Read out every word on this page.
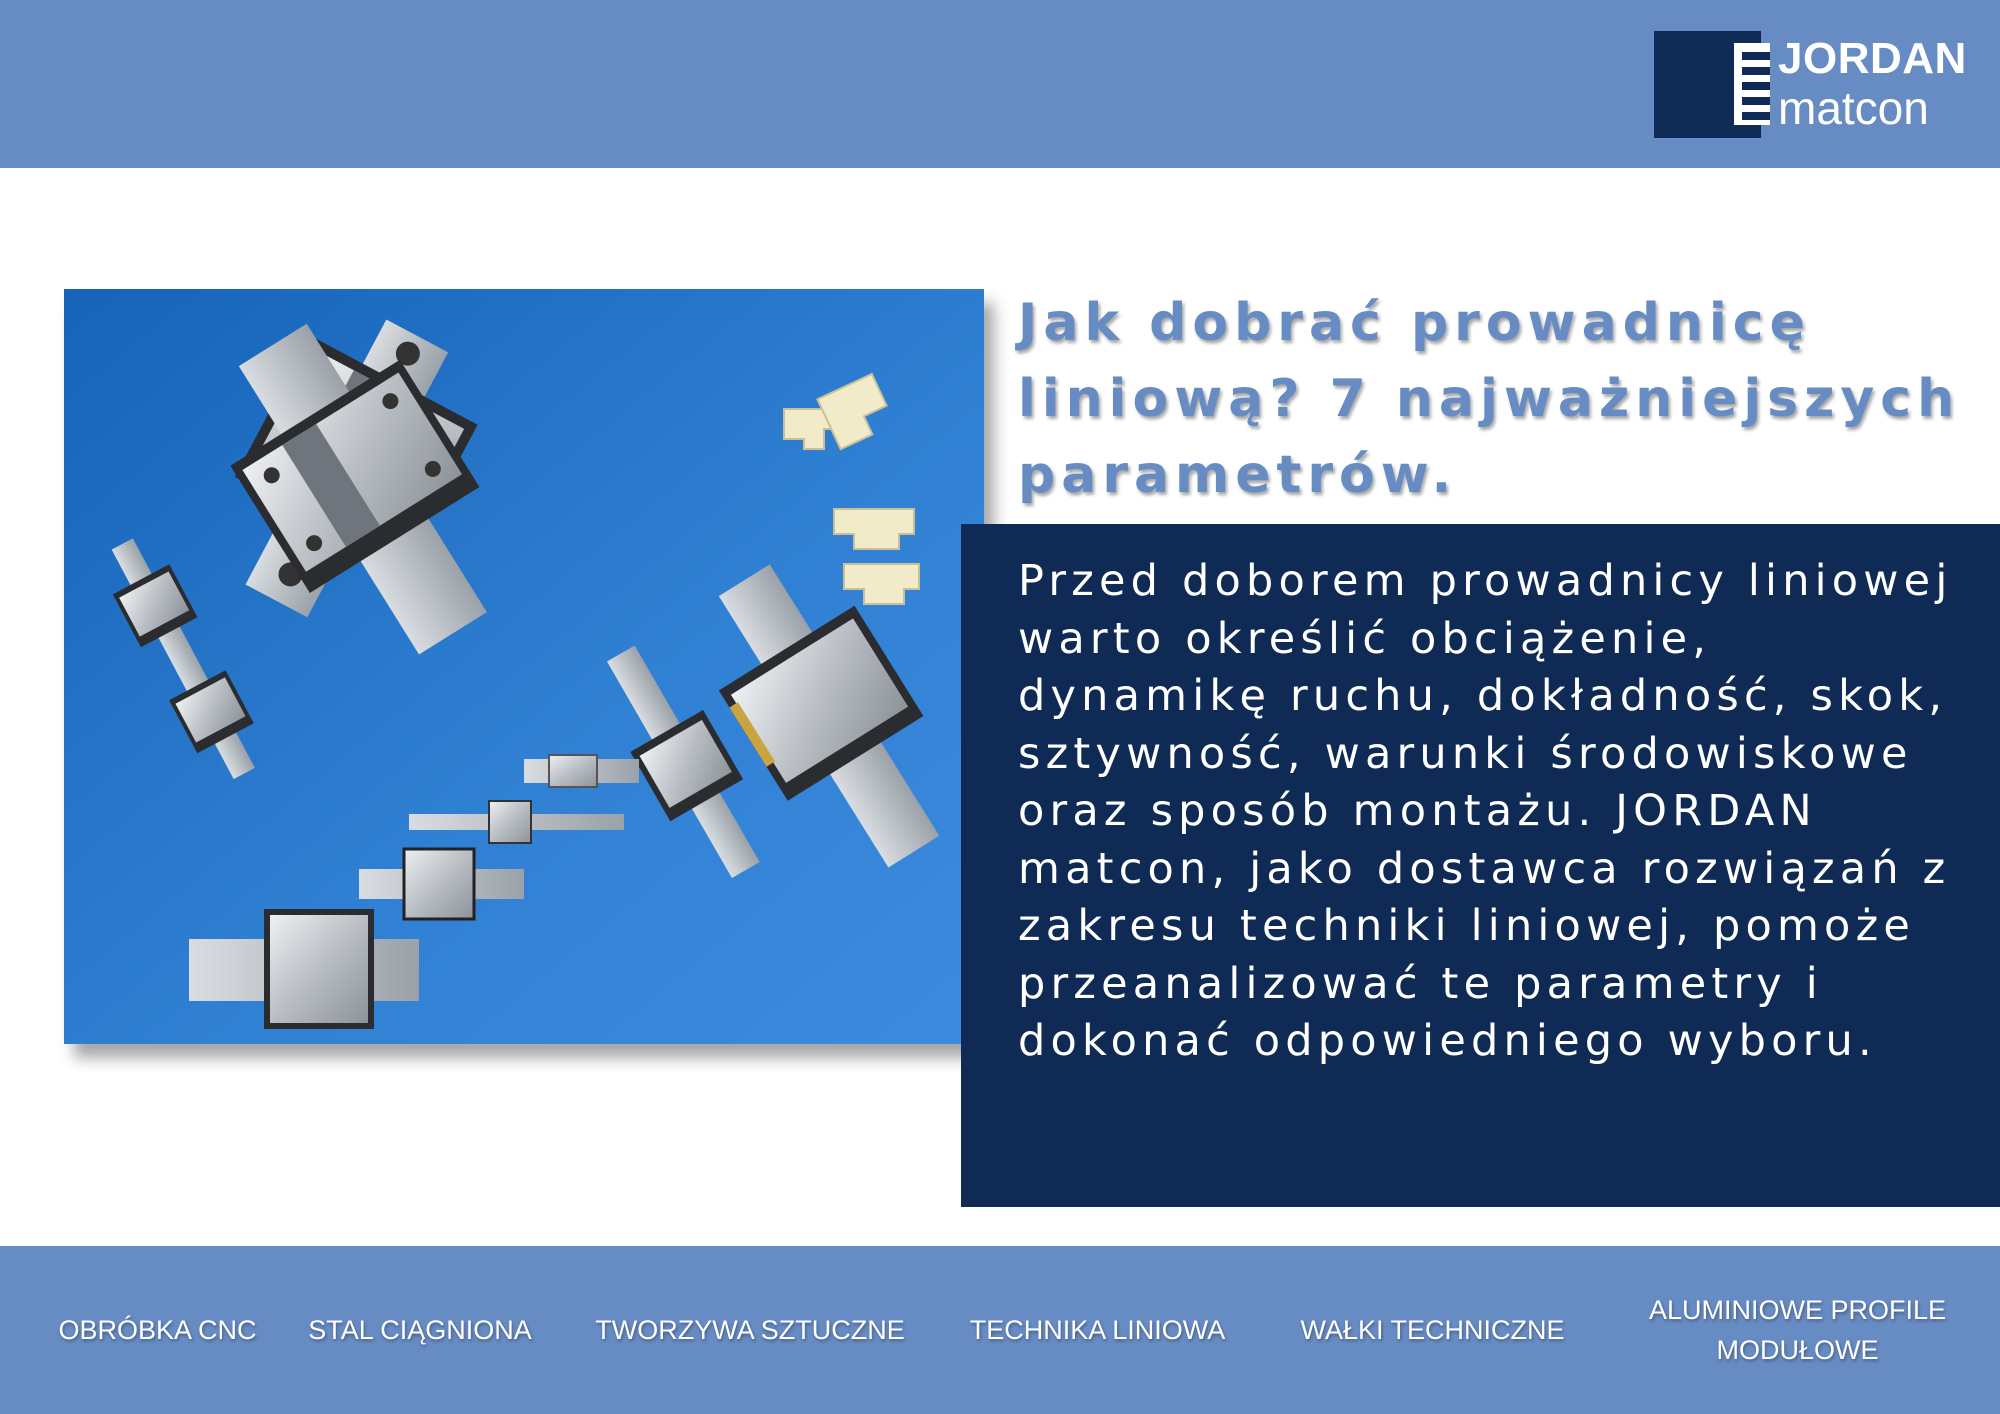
JORDAN
matcon
Jak dobrać prowadnicę liniową? 7 najważniejszych parametrów.

Przed doborem prowadnicy liniowej warto określić obciążenie, dynamikę ruchu, dokładność, skok, sztywność, warunki środowiskowe oraz sposób montażu. JORDAN matcon, jako dostawca rozwiązań z zakresu techniki liniowej, pomoże przeanalizować te parametry i dokonać odpowiedniego wyboru.

OBRÓBKA CNC	STAL CIĄGNIONA	TWORZYWA SZTUCZNE	TECHNIKA LINIOWA	WAŁKI TECHNICZNE
ALUMINIOWE PROFILE MODUŁOWE
